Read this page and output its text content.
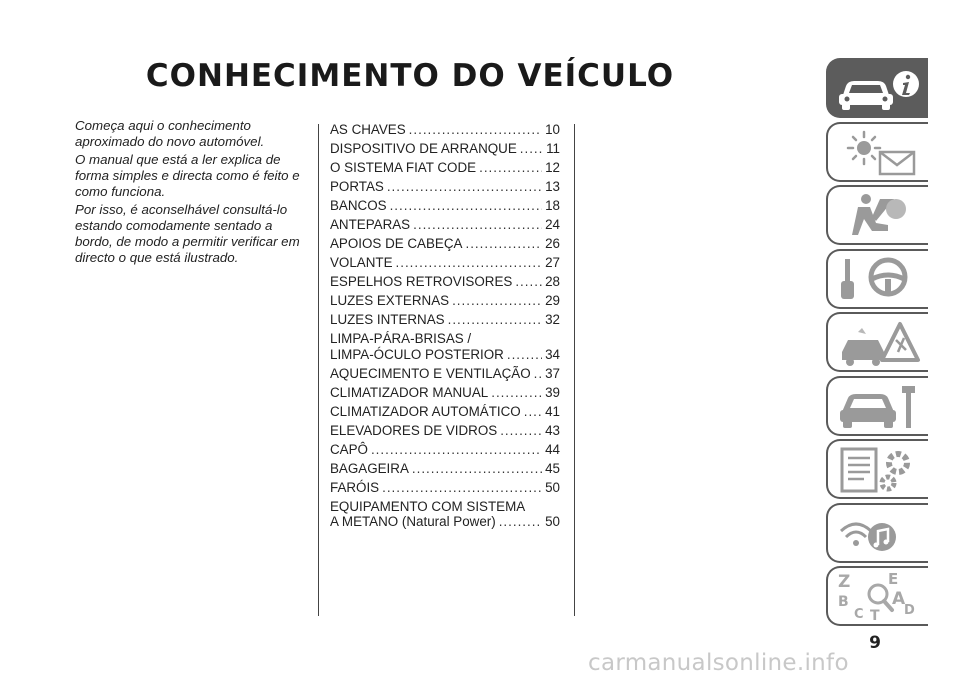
CONHECIMENTO DO VEÍCULO

Começa aqui o conhecimento aproximado do novo automóvel.

O manual que está a ler explica de forma simples e directa como é feito e como funciona.

Por isso, é aconselhável consultá-lo estando comodamente sentado a bordo, de modo a permitir verificar em directo o que está ilustrado.

AS CHAVES .....	10
DISPOSITIVO DE ARRANQUE ..... 11
O SISTEMA FIAT CODE .....	12
PORTAS .....	13
BANCOS .....	18
ANTEPARAS .....	24
APOIOS DE CABEÇA .....	26
VOLANTE .....	27
ESPELHOS RETROVISORES ..... 28
LUZES EXTERNAS .....	29
LUZES INTERNAS .....	32
LIMPA-PÁRA-BRISAS /
LIMPA-ÓCULO POSTERIOR .....	34
AQUECIMENTO E VENTILAÇÃO ..... 37
CLIMATIZADOR MANUAL .....	39
CLIMATIZADOR AUTOMÁTICO ..... 41
ELEVADORES DE VIDROS .....	43
CAPÔ .....	44
BAGAGEIRA .....	45
FARÓIS .....	50
EQUIPAMENTO COM SISTEMA
A METANO (Natural Power) .....	50
Z	E
A
B
D
C T
9
carmanualsonline.info
